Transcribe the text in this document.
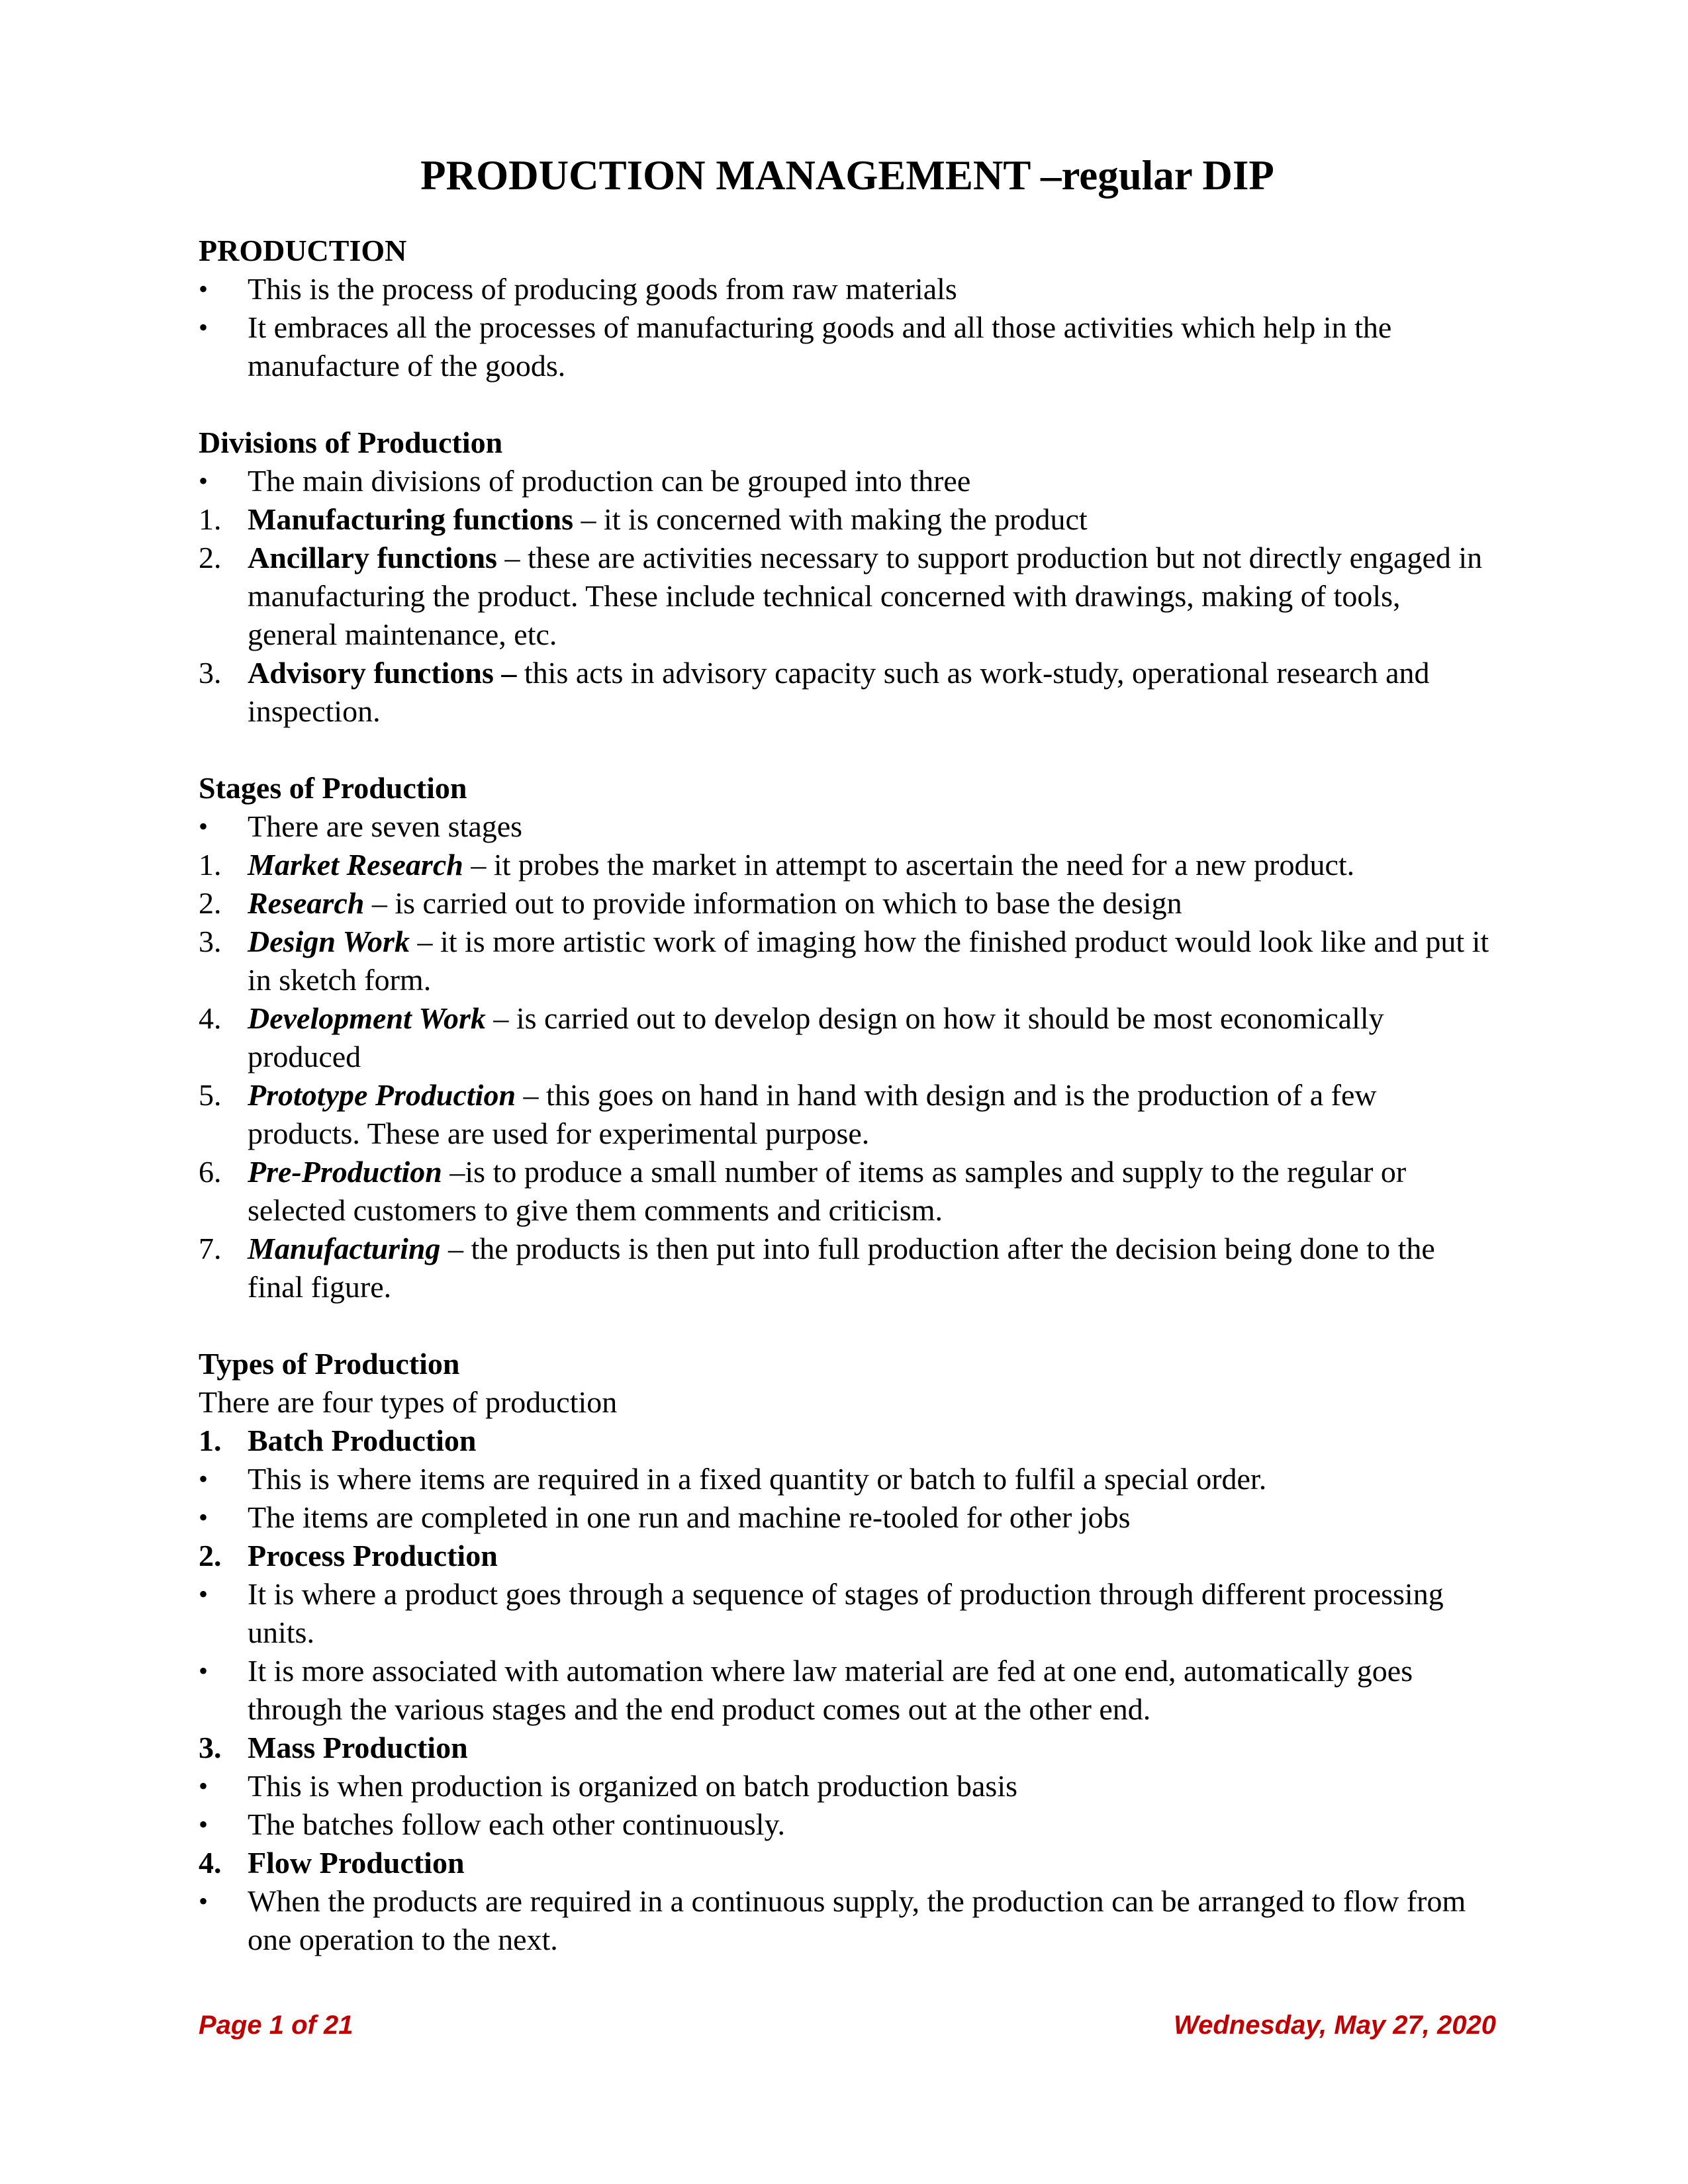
PRODUCTION MANAGEMENT –regular DIP
PRODUCTION
• This is the process of producing goods from raw materials
• It embraces all the processes of manufacturing goods and all those activities which help in the manufacture of the goods.
Divisions of Production
• The main divisions of production can be grouped into three
1. Manufacturing functions – it is concerned with making the product
2. Ancillary functions – these are activities necessary to support production but not directly engaged in manufacturing the product. These include technical concerned with drawings, making of tools, general maintenance, etc.
3. Advisory functions – this acts in advisory capacity such as work-study, operational research and inspection.
Stages of Production
• There are seven stages
1. Market Research – it probes the market in attempt to ascertain the need for a new product.
2. Research – is carried out to provide information on which to base the design
3. Design Work – it is more artistic work of imaging how the finished product would look like and put it in sketch form.
4. Development Work – is carried out to develop design on how it should be most economically produced
5. Prototype Production – this goes on hand in hand with design and is the production of a few products. These are used for experimental purpose.
6. Pre-Production –is to produce a small number of items as samples and supply to the regular or selected customers to give them comments and criticism.
7. Manufacturing – the products is then put into full production after the decision being done to the final figure.
Types of Production
There are four types of production
1. Batch Production
• This is where items are required in a fixed quantity or batch to fulfil a special order.
• The items are completed in one run and machine re-tooled for other jobs
2. Process Production
• It is where a product goes through a sequence of stages of production through different processing units.
• It is more associated with automation where law material are fed at one end, automatically goes through the various stages and the end product comes out at the other end.
3. Mass Production
• This is when production is organized on batch production basis
• The batches follow each other continuously.
4. Flow Production
• When the products are required in a continuous supply, the production can be arranged to flow from one operation to the next.
Page 1 of 21	Wednesday, May 27, 2020
